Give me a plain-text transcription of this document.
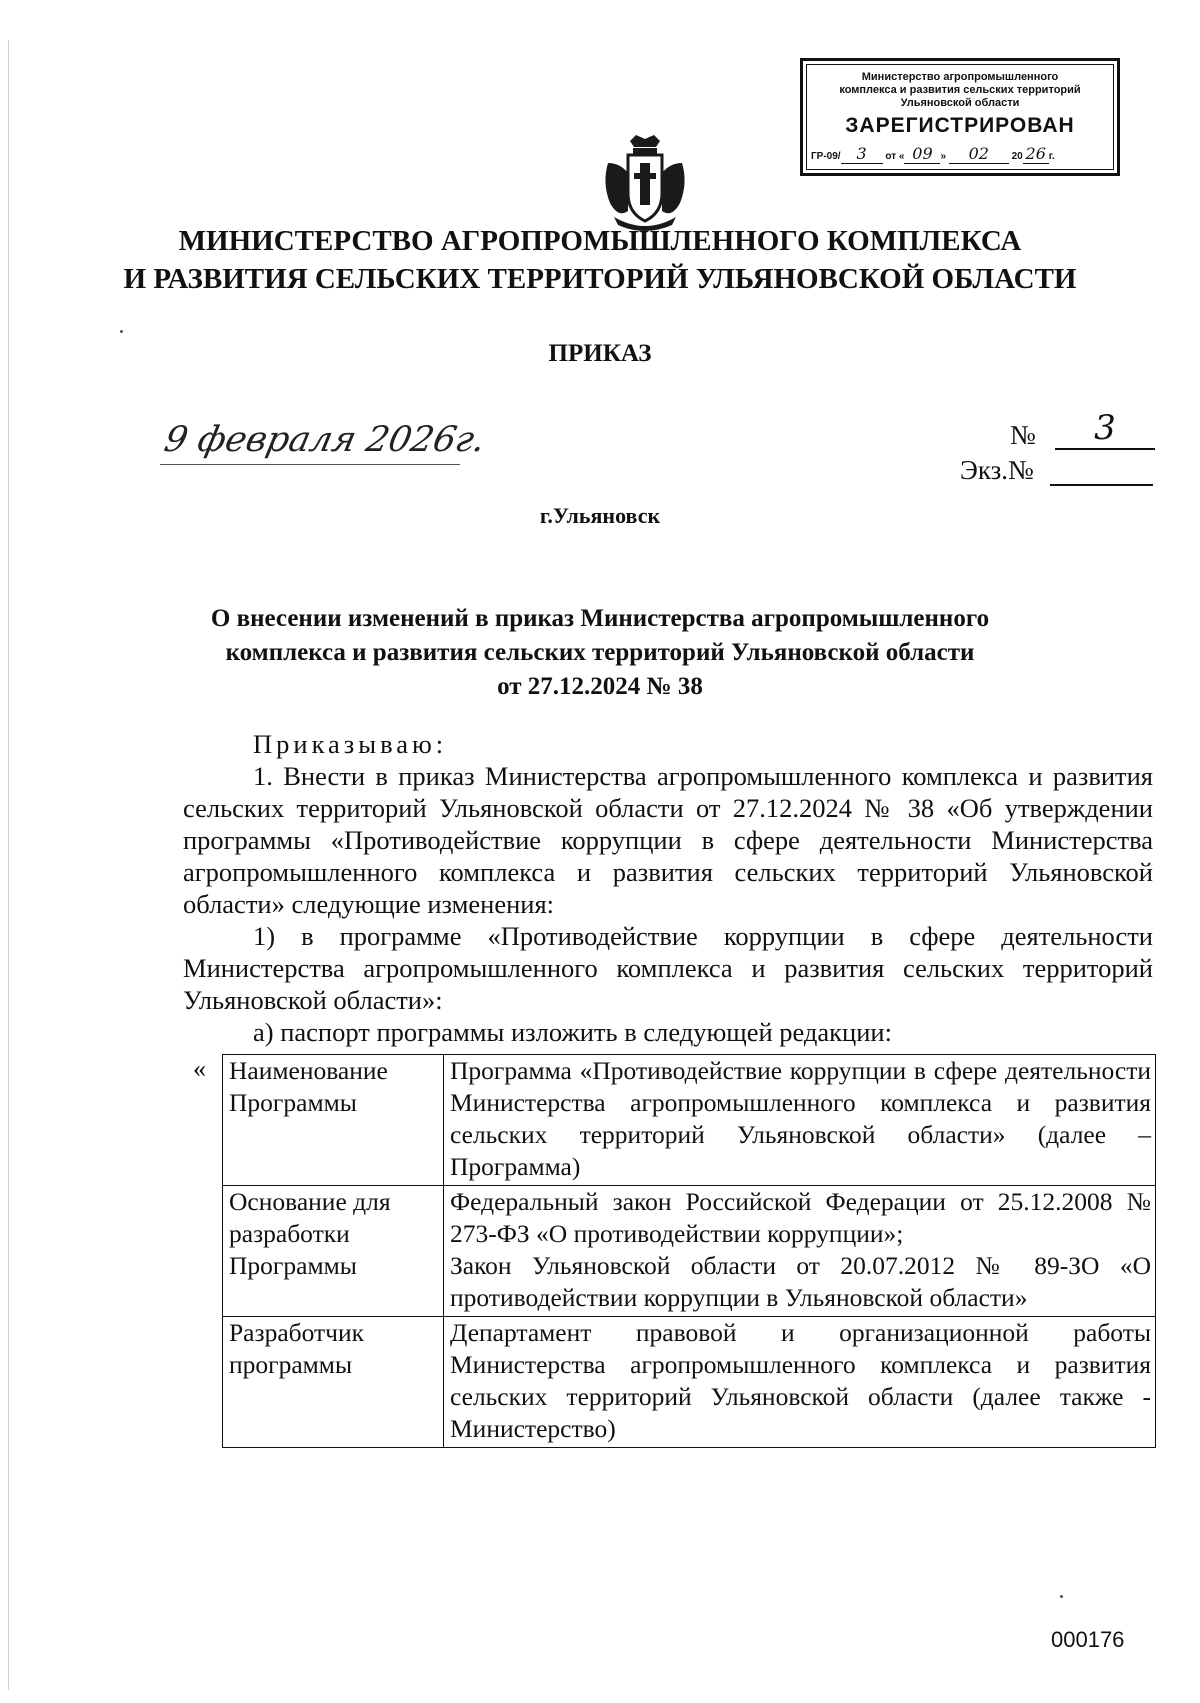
Министерство агропромышленного
комплекса и развития сельских территорий
Ульяновской области
ЗАРЕГИСТРИРОВАН
ГР-09/ 3 от « 09 » 02 20 26 г.
МИНИСТЕРСТВО АГРОПРОМЫШЛЕННОГО КОМПЛЕКСА
И РАЗВИТИЯ СЕЛЬСКИХ ТЕРРИТОРИЙ УЛЬЯНОВСКОЙ ОБЛАСТИ
ПРИКАЗ
9 февраля 2026г.	№	3
Экз.№
г.Ульяновск
О внесении изменений в приказ Министерства агропромышленного
комплекса и развития сельских территорий Ульяновской области
от 27.12.2024 № 38

Приказываю:

1. Внести в приказ Министерства агропромышленного комплекса и развития сельских территорий Ульяновской области от 27.12.2024 № 38 «Об утверждении программы «Противодействие коррупции в сфере деятельности Министерства агропромышленного комплекса и развития сельских территорий Ульяновской области» следующие изменения:

1) в программе «Противодействие коррупции в сфере деятельности Министерства агропромышленного комплекса и развития сельских территорий Ульяновской области»:

а) паспорт программы изложить в следующей редакции:

« Наименование Программы	Программа «Противодействие коррупции в сфере деятельности Министерства агропромышленного комплекса и развития сельских территорий Ульяновской области» (далее – Программа)

Основание для разработки Программы	Федеральный закон Российской Федерации от 25.12.2008 № 273-ФЗ «О противодействии коррупции»;
Закон Ульяновской области от 20.07.2012 № 89-ЗО «О противодействии коррупции в Ульяновской области»

Разработчик программы	Департамент правовой и организационной работы Министерства агропромышленного комплекса и развития сельских территорий Ульяновской области (далее также - Министерство)
000176
